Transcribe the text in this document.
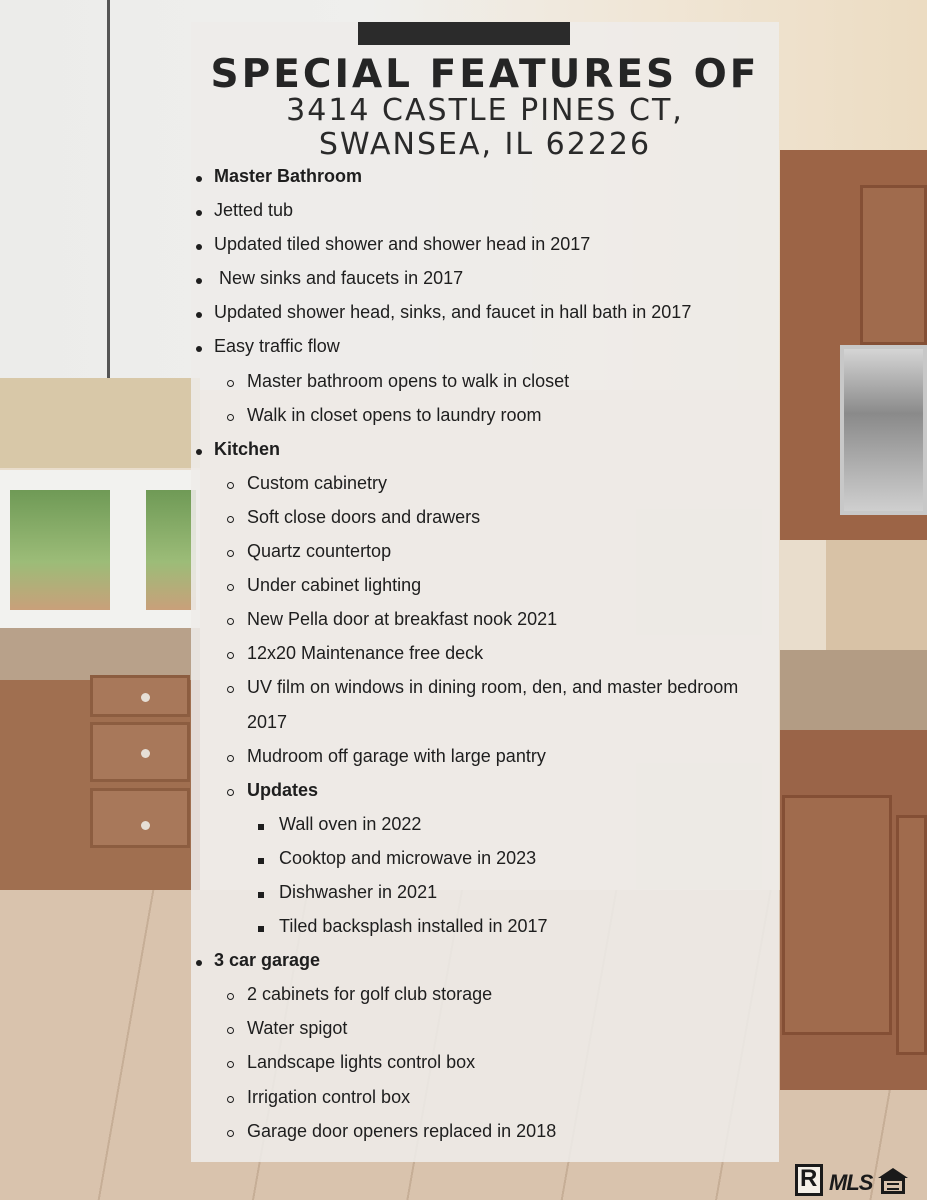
SPECIAL FEATURES OF
3414 CASTLE PINES CT,
SWANSEA, IL 62226
Master Bathroom
Jetted tub
Updated tiled shower and shower head in 2017
New sinks and faucets in 2017
Updated shower head, sinks, and faucet in hall bath in 2017
Easy traffic flow
Master bathroom opens to walk in closet
Walk in closet opens to laundry room
Kitchen
Custom cabinetry
Soft close doors and drawers
Quartz countertop
Under cabinet lighting
New Pella door at breakfast nook 2021
12x20 Maintenance free deck
UV film on windows in dining room, den, and master bedroom
2017
Mudroom off garage with large pantry
Updates
Wall oven in 2022
Cooktop and microwave in 2023
Dishwasher in 2021
Tiled backsplash installed in 2017
3 car garage
2 cabinets for golf club storage
Water spigot
Landscape lights control box
Irrigation control box
Garage door openers replaced in 2018
R MLS
